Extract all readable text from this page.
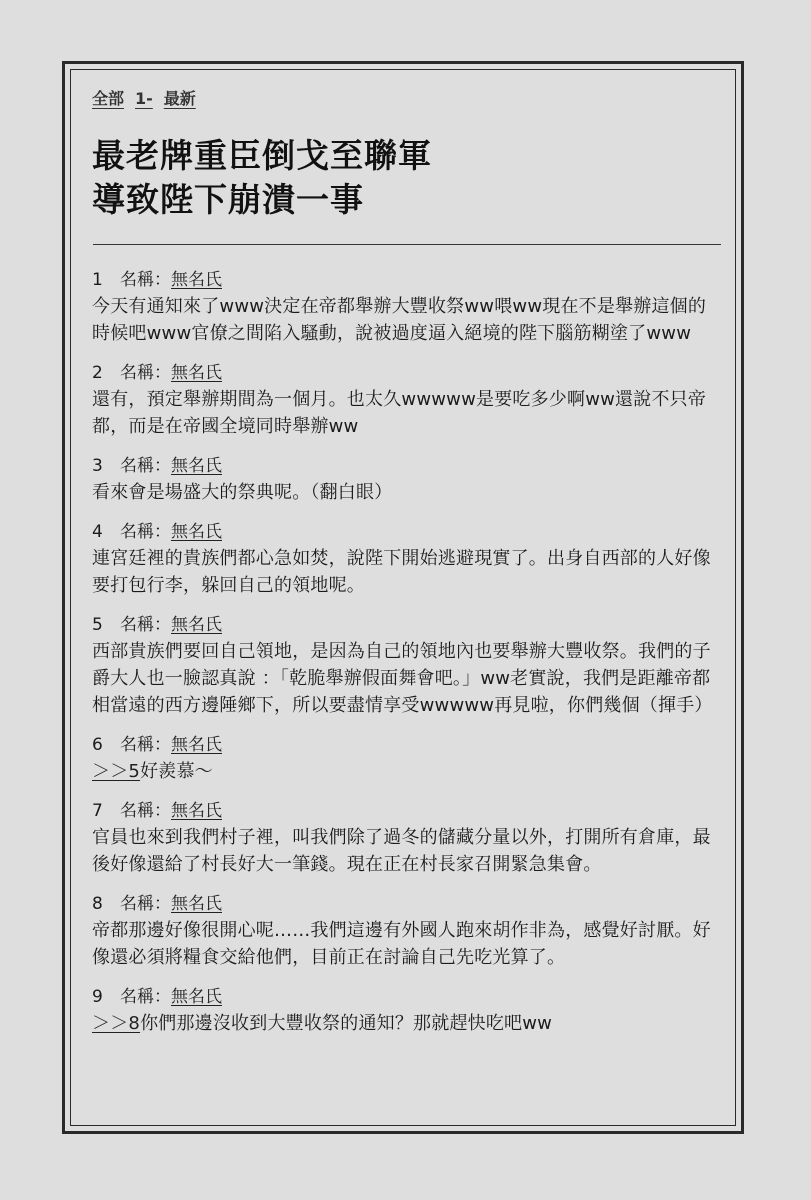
全部 1- 最新
最老牌重臣倒戈至聯軍
導致陛下崩潰一事
1 名稱：無名氏
今天有通知來了www決定在帝都舉辦大豐收祭ww喂ww現在不是舉辦這個的時候吧www官僚之間陷入騷動，說被過度逼入絕境的陛下腦筋糊塗了www
2 名稱：無名氏
還有，預定舉辦期間為一個月。也太久wwwww是要吃多少啊ww還說不只帝都，而是在帝國全境同時舉辦ww
3 名稱：無名氏
看來會是場盛大的祭典呢。（翻白眼）
4 名稱：無名氏
連宮廷裡的貴族們都心急如焚，說陛下開始逃避現實了。出身自西部的人好像要打包行李，躲回自己的領地呢。
5 名稱：無名氏
西部貴族們要回自己領地，是因為自己的領地內也要舉辦大豐收祭。我們的子爵大人也一臉認真說 ：「乾脆舉辦假面舞會吧。」ww老實說，我們是距離帝都相當遠的西方邊陲鄉下，所以要盡情享受wwwww再見啦，你們幾個（揮手）
6 名稱：無名氏
＞＞5好羨慕～
7 名稱：無名氏
官員也來到我們村子裡，叫我們除了過冬的儲藏分量以外，打開所有倉庫，最後好像還給了村長好大一筆錢。現在正在村長家召開緊急集會。
8 名稱：無名氏
帝都那邊好像很開心呢……我們這邊有外國人跑來胡作非為，感覺好討厭。好像還必須將糧食交給他們，目前正在討論自己先吃光算了。
9 名稱：無名氏
＞＞8你們那邊沒收到大豐收祭的通知？那就趕快吃吧ww
